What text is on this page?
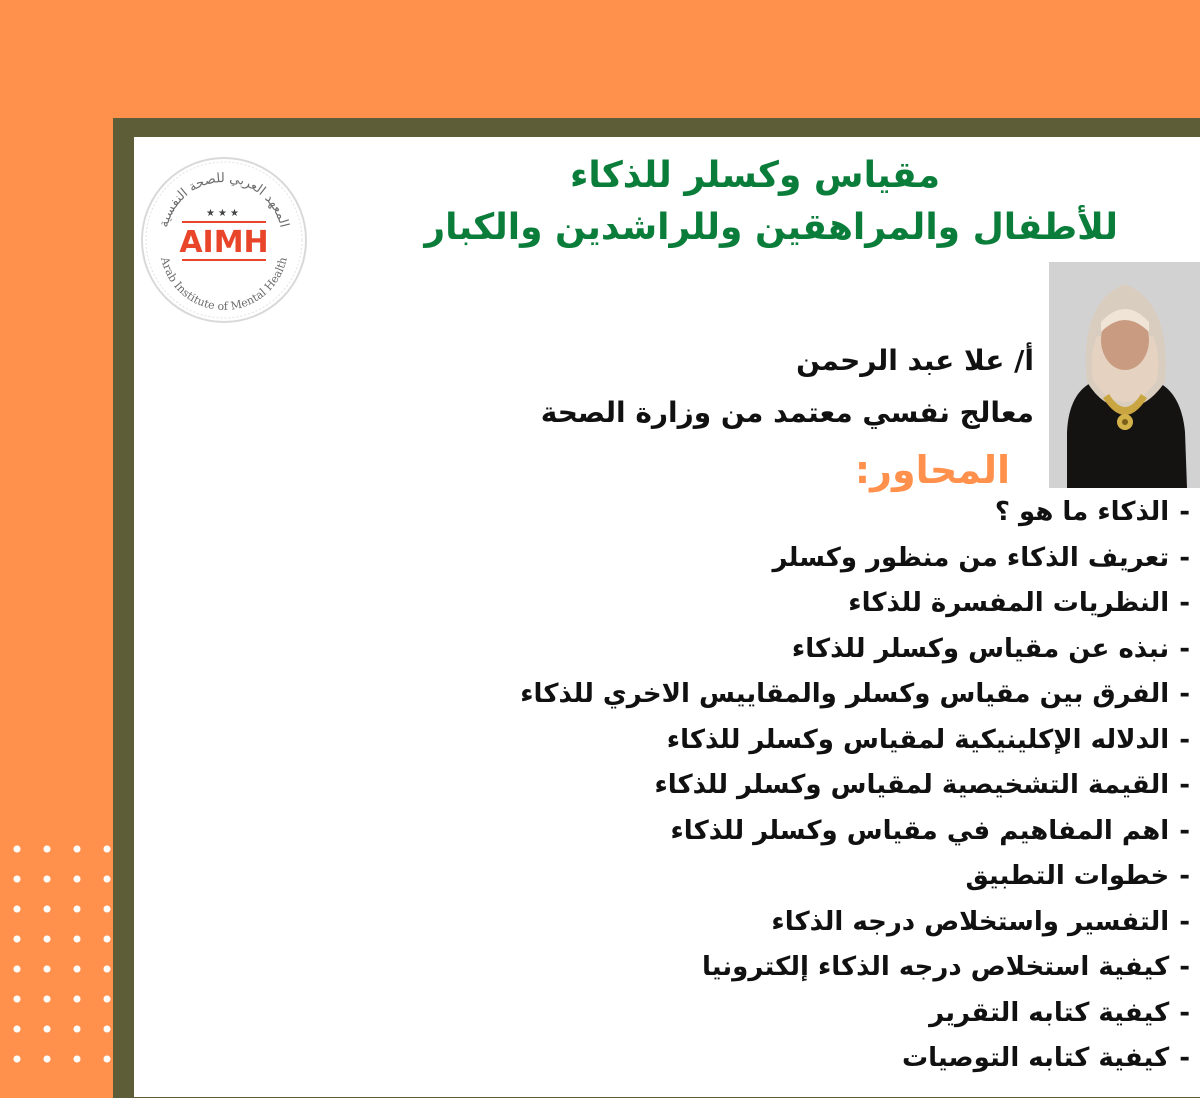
المعهد العربي للصحة النفسية
Arab Institute of Mental Health
★★★
AIMH
مقياس وكسلر للذكاء
للأطفال والمراهقين وللراشدين والكبار
أ/ علا عبد الرحمن
معالج نفسي معتمد من وزارة الصحة
المحاور:
-الذكاء ما هو ؟
-تعريف الذكاء من منظور وكسلر
-النظريات المفسرة للذكاء
-نبذه عن مقياس وكسلر للذكاء
-الفرق بين مقياس وكسلر والمقاييس الاخري للذكاء
-الدلاله الإكلينيكية لمقياس وكسلر للذكاء
-القيمة التشخيصية لمقياس وكسلر للذكاء
-اهم المفاهيم في مقياس وكسلر للذكاء
-خطوات التطبيق
-التفسير واستخلاص درجه الذكاء
-كيفية استخلاص درجه الذكاء إلكترونيا
-كيفية كتابه التقرير
-كيفية كتابه التوصيات
